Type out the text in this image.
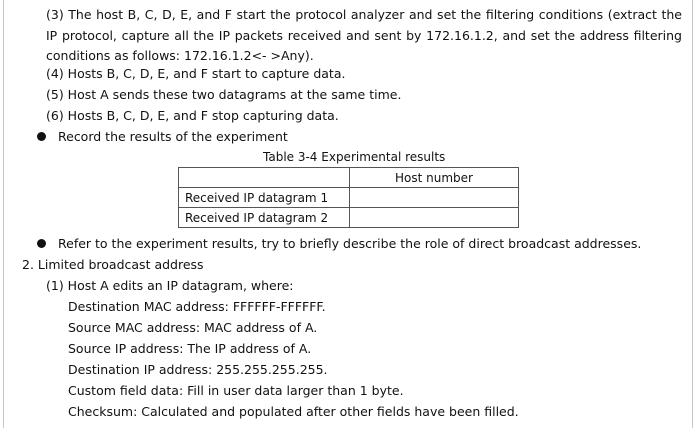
(3) The host B, C, D, E, and F start the protocol analyzer and set the filtering conditions (extract the IP protocol, capture all the IP packets received and sent by 172.16.1.2, and set the address filtering conditions as follows: 172.16.1.2<- >Any).
(4) Hosts B, C, D, E, and F start to capture data.
(5) Host A sends these two datagrams at the same time.
(6) Hosts B, C, D, E, and F stop capturing data.
Record the results of the experiment
Table 3-4 Experimental results
	Host number
Received IP datagram 1	
Received IP datagram 2	
Refer to the experiment results, try to briefly describe the role of direct broadcast addresses.
2. Limited broadcast address
(1) Host A edits an IP datagram, where:
Destination MAC address: FFFFFF-FFFFFF.
Source MAC address: MAC address of A.
Source IP address: The IP address of A.
Destination IP address: 255.255.255.255.
Custom field data: Fill in user data larger than 1 byte.
Checksum: Calculated and populated after other fields have been filled.
